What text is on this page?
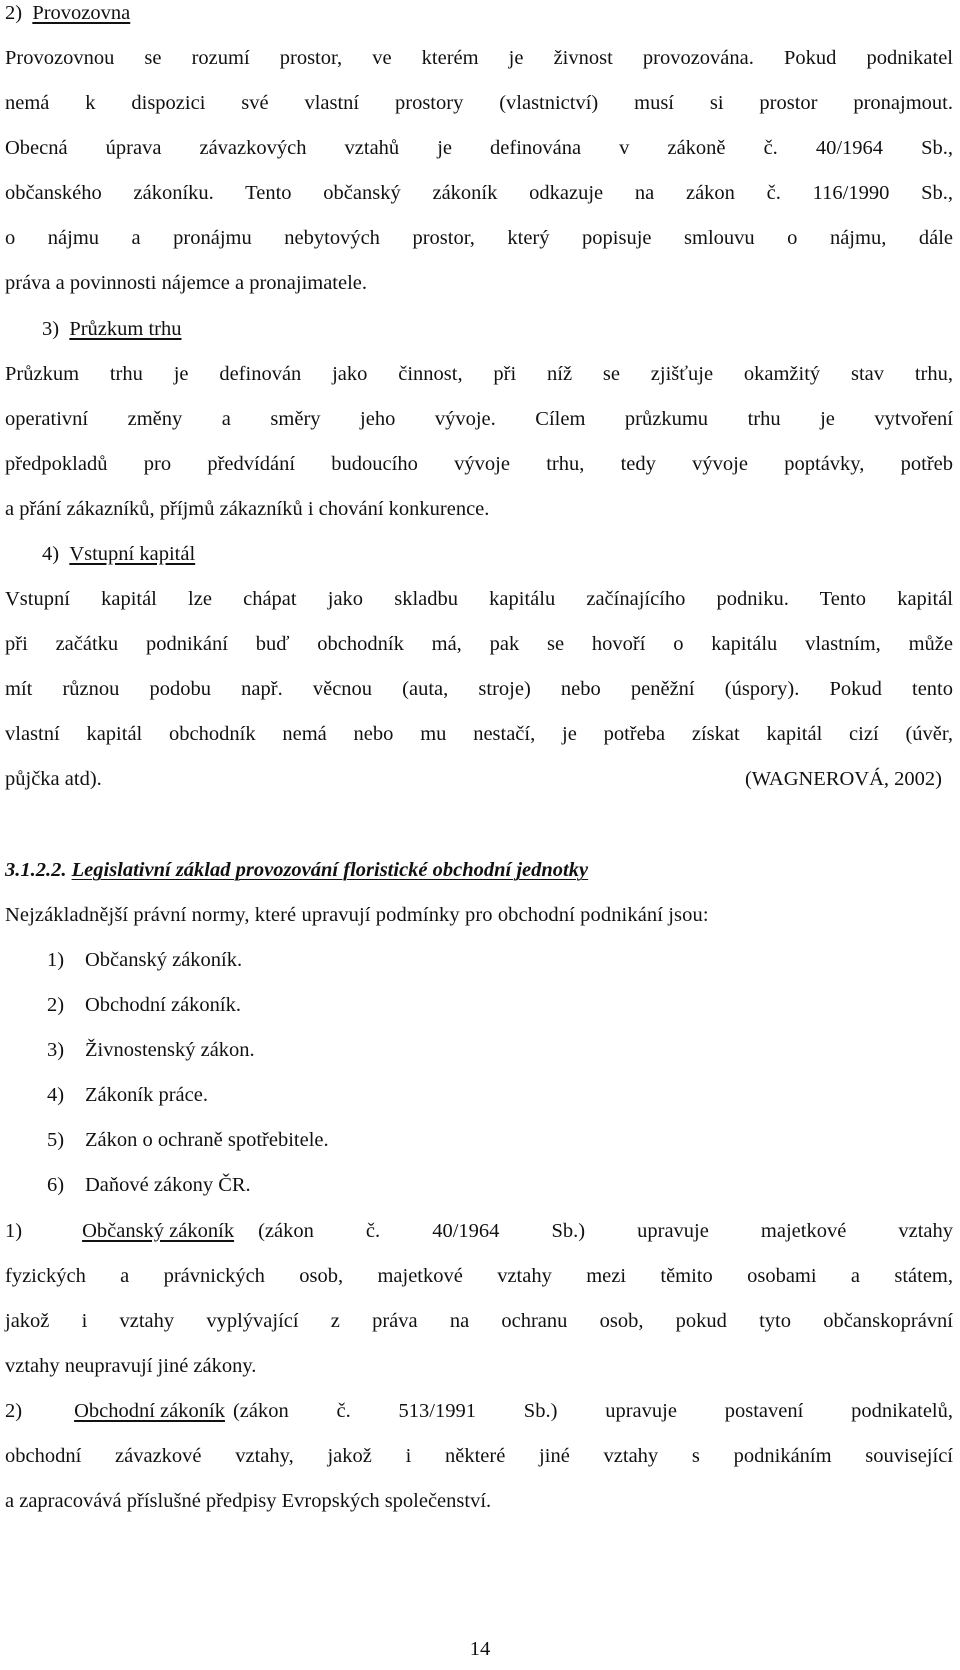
2) Provozovna
Provozovnou se rozumí prostor, ve kterém je živnost provozována. Pokud podnikatel
nemá k dispozici své vlastní prostory (vlastnictví) musí si prostor pronajmout.
Obecná úprava závazkových vztahů je definována v zákoně č. 40/1964 Sb.,
občanského zákoníku. Tento občanský zákoník odkazuje na zákon č. 116/1990 Sb.,
o nájmu a pronájmu nebytových prostor, který popisuje smlouvu o nájmu, dále
práva a povinnosti nájemce a pronajimatele.
3) Průzkum trhu
Průzkum trhu je definován jako činnost, při níž se zjišťuje okamžitý stav trhu,
operativní změny a směry jeho vývoje. Cílem průzkumu trhu je vytvoření
předpokladů pro předvídání budoucího vývoje trhu, tedy vývoje poptávky, potřeb
a přání zákazníků, příjmů zákazníků i chování konkurence.
4) Vstupní kapitál
Vstupní kapitál lze chápat jako skladbu kapitálu začínajícího podniku. Tento kapitál
při začátku podnikání buď obchodník má, pak se hovoří o kapitálu vlastním, může
mít různou podobu např. věcnou (auta, stroje) nebo peněžní (úspory). Pokud tento
vlastní kapitál obchodník nemá nebo mu nestačí, je potřeba získat kapitál cizí (úvěr,
půjčka atd).	(WAGNEROVÁ, 2002)
3.1.2.2. Legislativní základ provozování floristické obchodní jednotky
Nejzákladnější právní normy, které upravují podmínky pro obchodní podnikání jsou:
1) Občanský zákoník.
2) Obchodní zákoník.
3) Živnostenský zákon.
4) Zákoník práce.
5) Zákon o ochraně spotřebitele.
6) Daňové zákony ČR.
1)	Občanský zákoník (zákon č. 40/1964 Sb.) upravuje majetkové vztahy
fyzických a právnických osob, majetkové vztahy mezi těmito osobami a státem,
jakož i vztahy vyplývající z práva na ochranu osob, pokud tyto občanskoprávní
vztahy neupravují jiné zákony.
2)	Obchodní zákoník (zákon č. 513/1991 Sb.) upravuje postavení podnikatelů,
obchodní závazkové vztahy, jakož i některé jiné vztahy s podnikáním související
a zapracovává příslušné předpisy Evropských společenství.
14
